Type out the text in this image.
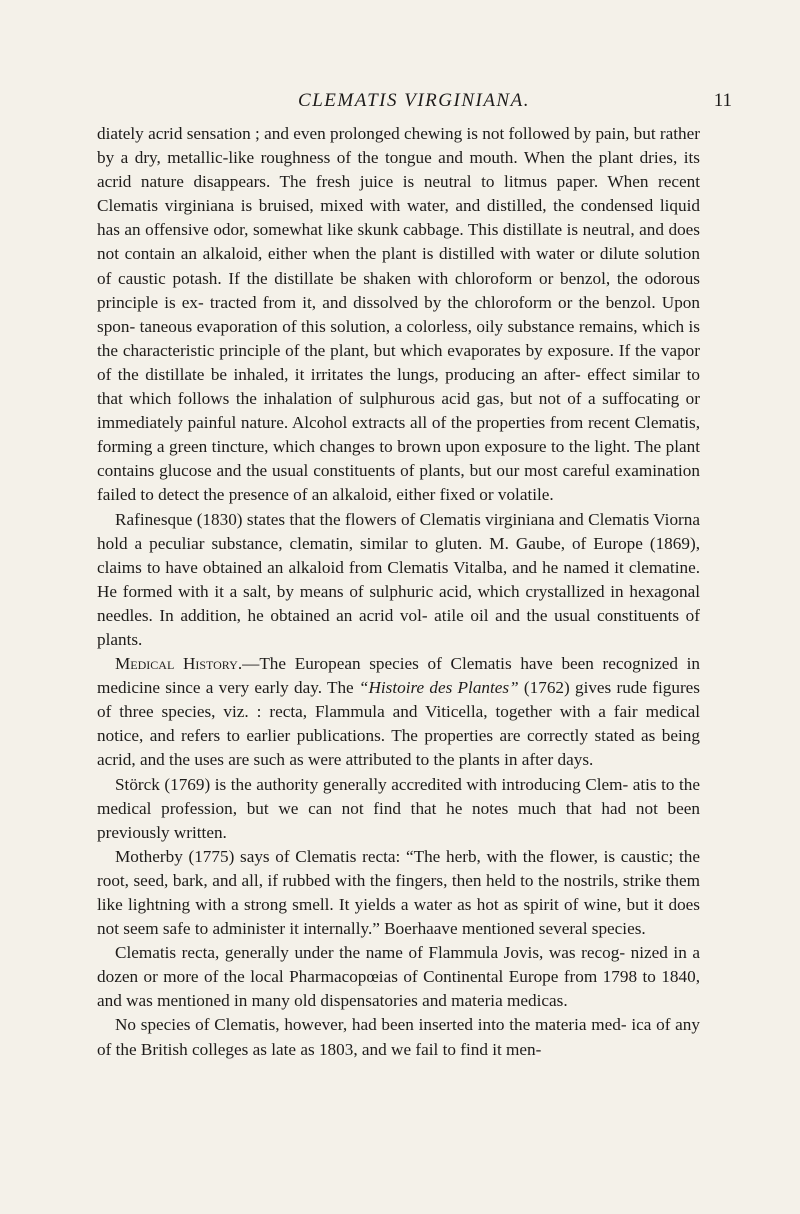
CLEMATIS VIRGINIANA.	11

diately acrid sensation ; and even prolonged chewing is not followed by pain, but rather by a dry, metallic-like roughness of the tongue and mouth. When the plant dries, its acrid nature disappears. The fresh juice is neutral to litmus paper. When recent Clematis virginiana is bruised, mixed with water, and distilled, the condensed liquid has an offensive odor, somewhat like skunk cabbage. This distillate is neutral, and does not contain an alkaloid, either when the plant is distilled with water or dilute solution of caustic potash. If the distillate be shaken with chloroform or benzol, the odorous principle is ex- tracted from it, and dissolved by the chloroform or the benzol. Upon spon- taneous evaporation of this solution, a colorless, oily substance remains, which is the characteristic principle of the plant, but which evaporates by exposure. If the vapor of the distillate be inhaled, it irritates the lungs, producing an after- effect similar to that which follows the inhalation of sulphurous acid gas, but not of a suffocating or immediately painful nature. Alcohol extracts all of the properties from recent Clematis, forming a green tincture, which changes to brown upon exposure to the light. The plant contains glucose and the usual constituents of plants, but our most careful examination failed to detect the presence of an alkaloid, either fixed or volatile.

Rafinesque (1830) states that the flowers of Clematis virginiana and Clematis Viorna hold a peculiar substance, clematin, similar to gluten. M. Gaube, of Europe (1869), claims to have obtained an alkaloid from Clematis Vitalba, and he named it clematine. He formed with it a salt, by means of sulphuric acid, which crystallized in hexagonal needles. In addition, he obtained an acrid vol- atile oil and the usual constituents of plants.

Medical History.—The European species of Clematis have been recognized in medicine since a very early day. The “Histoire des Plantes” (1762) gives rude figures of three species, viz. : recta, Flammula and Viticella, together with a fair medical notice, and refers to earlier publications. The properties are correctly stated as being acrid, and the uses are such as were attributed to the plants in after days.

Störck (1769) is the authority generally accredited with introducing Clem- atis to the medical profession, but we can not find that he notes much that had not been previously written.

Motherby (1775) says of Clematis recta: “The herb, with the flower, is caustic; the root, seed, bark, and all, if rubbed with the fingers, then held to the nostrils, strike them like lightning with a strong smell. It yields a water as hot as spirit of wine, but it does not seem safe to administer it internally.” Boerhaave mentioned several species.

Clematis recta, generally under the name of Flammula Jovis, was recog- nized in a dozen or more of the local Pharmacopœias of Continental Europe from 1798 to 1840, and was mentioned in many old dispensatories and materia medicas.

No species of Clematis, however, had been inserted into the materia med- ica of any of the British colleges as late as 1803, and we fail to find it men-
